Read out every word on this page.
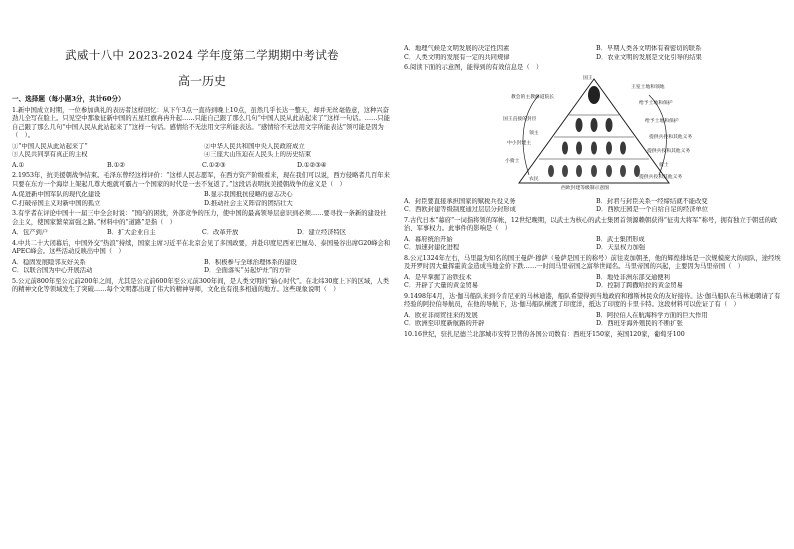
武威十八中 2023-2024 学年度第二学期期中考试卷
高一历史
一、选择题（每小题3分，共计60分）

1.新中国成立时期，一位参加典礼的表历者这样回忆：从下午3点一直待到晚上10点，虽然几乎长达一整天，却并无丝毫倦意，这种兴奋劲儿全写在脸上。只见空中那象征新中国的五星红旗冉冉升起……只能自己跟了那么几句“中国人民从此站起来了”这样一句话。……只能自己跟了那么几句“中国人民从此站起来了”这样一句话。感情给不无法用文字所能表达。“感情给不无法用文字所能表达”领可能是因为（　）。

①“中国人民从此站起来了”	②中华人民共和国中央人民政府成立
③人民共同享有真正的主权	④三座大山压迫在人民头上的历史结束
A.①	B.①②	C.①②③	D.①②③④

2.1953年，抗美援朝战争结束。毛泽东曾经这样评价：“这样人民志愿军，在西方资产阶级看来，现在我们可以说，西方侵略者几百年来只要在东方一个海岸上架起几尊大炮就可霸占一个国家的时代是一去不复返了。”这段话表明抗美援朝战争的意义是（　）

A.促进新中国军队的现代化建设	B.显示我国抵抗侵略的意志决心
C.打破帝国主义对新中国的孤立	D.推动社会主义阵营的团结壮大

3.有学者在评论中国十一届三中全会时说：“国内的困扰，外部竞争的压力，使中国的最高领导层意识到必须……要寻找一条新的建设社会主义，使国家繁荣富强之路。”材料中的“道路”是指（　）

A．包产到户	B．扩大企业自主	C．改革开放	D．建立经济特区

4.中共二十大闭幕后，中国外交“热浪”持续，国家主席习近平在北京会见了多国政要，并赴印度尼西亚巴厘岛、泰国曼谷出席G20峰会和APEC峰会。这些活动反映出中国（　）

A．稳固发展睦邻友好关系	B．积极参与全球治理体系的建设
C．以联合国为中心开展活动	D．全面落实“另起炉灶”的方针

5.公元前800年至公元前200年之间，尤其是公元前600年至公元前300年间，是人类文明的“轴心时代”。在北纬30度上下的区域，人类的精神文化等领域发生了突破……每个文明都出现了伟大的精神导师，文化也有很多相通的地方。这些现象说明（　）

A．地理气候是文明发展的决定性因素	B．早期人类各文明体有着密切的联系
C．人类文明的发展有一定的共同规律	D．农业文明的发展是文化引导的结果

6.阅读下面的示意图，能得到的有效信息是（　）

国王
教会的主教修道院长
国王直接的封臣
领主
中小封建主
小骑士
骑士
农民
王室土地和领地
给予土地和保护
给予土地和保护
提供兵役和其他义务
提供兵役和其他义务
提供兵役和其他义务
西欧封建等级制示意图
A．封臣要直接承担国家的赋税兵役义务	B．封君与封臣关系一经缔结就不能改变
C．西欧封建等级制度通过层层分封形成	D．西欧庄园是一个自给自足的经济单位

7.古代日本“幕府”一词指将领的军帐，12世纪晚期，以武士为核心的武士集团首领源赖朝获得“征夷大将军”称号，拥有独立于朝廷的政治、军事权力。此事件的影响是（　）

A．幕府统治开始	B．武士集团形成
C．加速封建化进程	D．天皇权力加强

8.公元1324年左右，马里最为知名的国王曼萨·穆萨（曼萨是国王的称号）前往麦加朝圣，他的辉煌排场是一次规模庞大的商队，途经埃及开罗时因大量挥霍黄金造成当地金价下跌……一时间马里帝国之富举世闻名。马里帝国的兴起，主要因为马里帝国（　）

A．是早掌握了冶铁技术	B．地处非洲东部交通便利
C．开辟了大量的黄金贸易	D．控制了跨撒哈拉的黄金贸易

9.1498年4月，达·伽马船队来到今肯尼亚的马林迪港，船队希望得到当地政府和穆斯林民众的友好接待。达·伽马船队在马林迪聘请了有经验的阿拉伯导航员，在他的导航下，达·伽马船队横渡了印度洋，抵达了印度的卡里卡特。这段材料可以佐证了有（　）

A．欧亚非商贸往来的发展	B．阿拉伯人在航海科学方面的巨大作用
C．欧洲至印度新航路的开辟	D．西班牙海外殖民的不断扩张

10.16世纪，驻扎尼德兰北部城市安特卫普的各国公司数有：西班牙150家，英国120家，葡萄牙100
